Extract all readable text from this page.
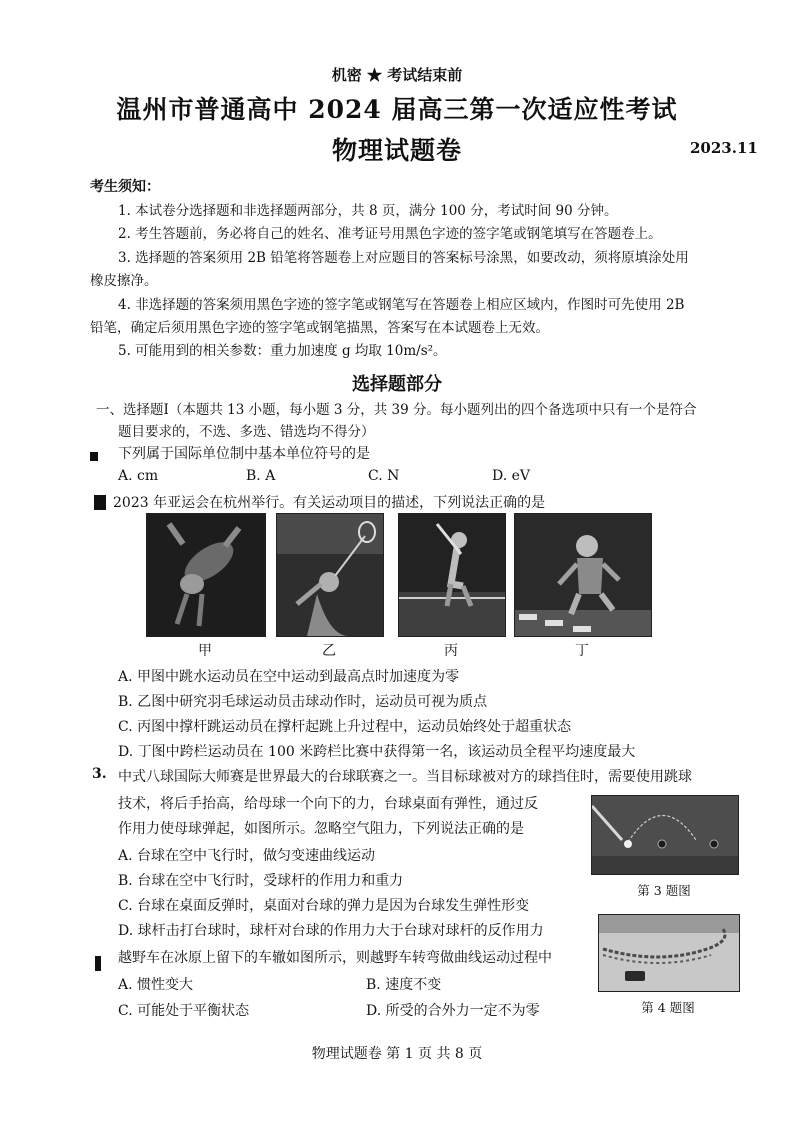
机密 ★ 考试结束前
温州市普通高中 2024 届高三第一次适应性考试
物理试题卷	2023.11
考生须知：
1. 本试卷分选择题和非选择题两部分，共 8 页，满分 100 分，考试时间 90 分钟。
2. 考生答题前，务必将自己的姓名、准考证号用黑色字迹的签字笔或钢笔填写在答题卷上。
3. 选择题的答案须用 2B 铅笔将答题卷上对应题目的答案标号涂黑，如要改动，须将原填涂处用
橡皮擦净。
4. 非选择题的答案须用黑色字迹的签字笔或钢笔写在答题卷上相应区域内，作图时可先使用 2B
铅笔，确定后须用黑色字迹的签字笔或钢笔描黑，答案写在本试题卷上无效。
5. 可能用到的相关参数：重力加速度 g 均取 10m/s²。
选择题部分
一、选择题Ⅰ（本题共 13 小题，每小题 3 分，共 39 分。每小题列出的四个备选项中只有一个是符合
题目要求的，不选、多选、错选均不得分）
下列属于国际单位制中基本单位符号的是
A. cm	B. A	C. N	D. eV
2023 年亚运会在杭州举行。有关运动项目的描述，下列说法正确的是
甲	乙	丙	丁
A. 甲图中跳水运动员在空中运动到最高点时加速度为零
B. 乙图中研究羽毛球运动员击球动作时，运动员可视为质点
C. 丙图中撑杆跳运动员在撑杆起跳上升过程中，运动员始终处于超重状态
D. 丁图中跨栏运动员在 100 米跨栏比赛中获得第一名，该运动员全程平均速度最大
3. 中式八球国际大师赛是世界最大的台球联赛之一。当目标球被对方的球挡住时，需要使用跳球
技术，将后手抬高，给母球一个向下的力，台球桌面有弹性，通过反
作用力使母球弹起，如图所示。忽略空气阻力，下列说法正确的是
A. 台球在空中飞行时，做匀变速曲线运动
B. 台球在空中飞行时，受球杆的作用力和重力
C. 台球在桌面反弹时，桌面对台球的弹力是因为台球发生弹性形变
D. 球杆击打台球时，球杆对台球的作用力大于台球对球杆的反作用力
第 3 题图
越野车在冰原上留下的车辙如图所示，则越野车转弯做曲线运动过程中
A. 惯性变大	B. 速度不变
C. 可能处于平衡状态	D. 所受的合外力一定不为零	第 4 题图
物理试题卷 第 1 页 共 8 页
